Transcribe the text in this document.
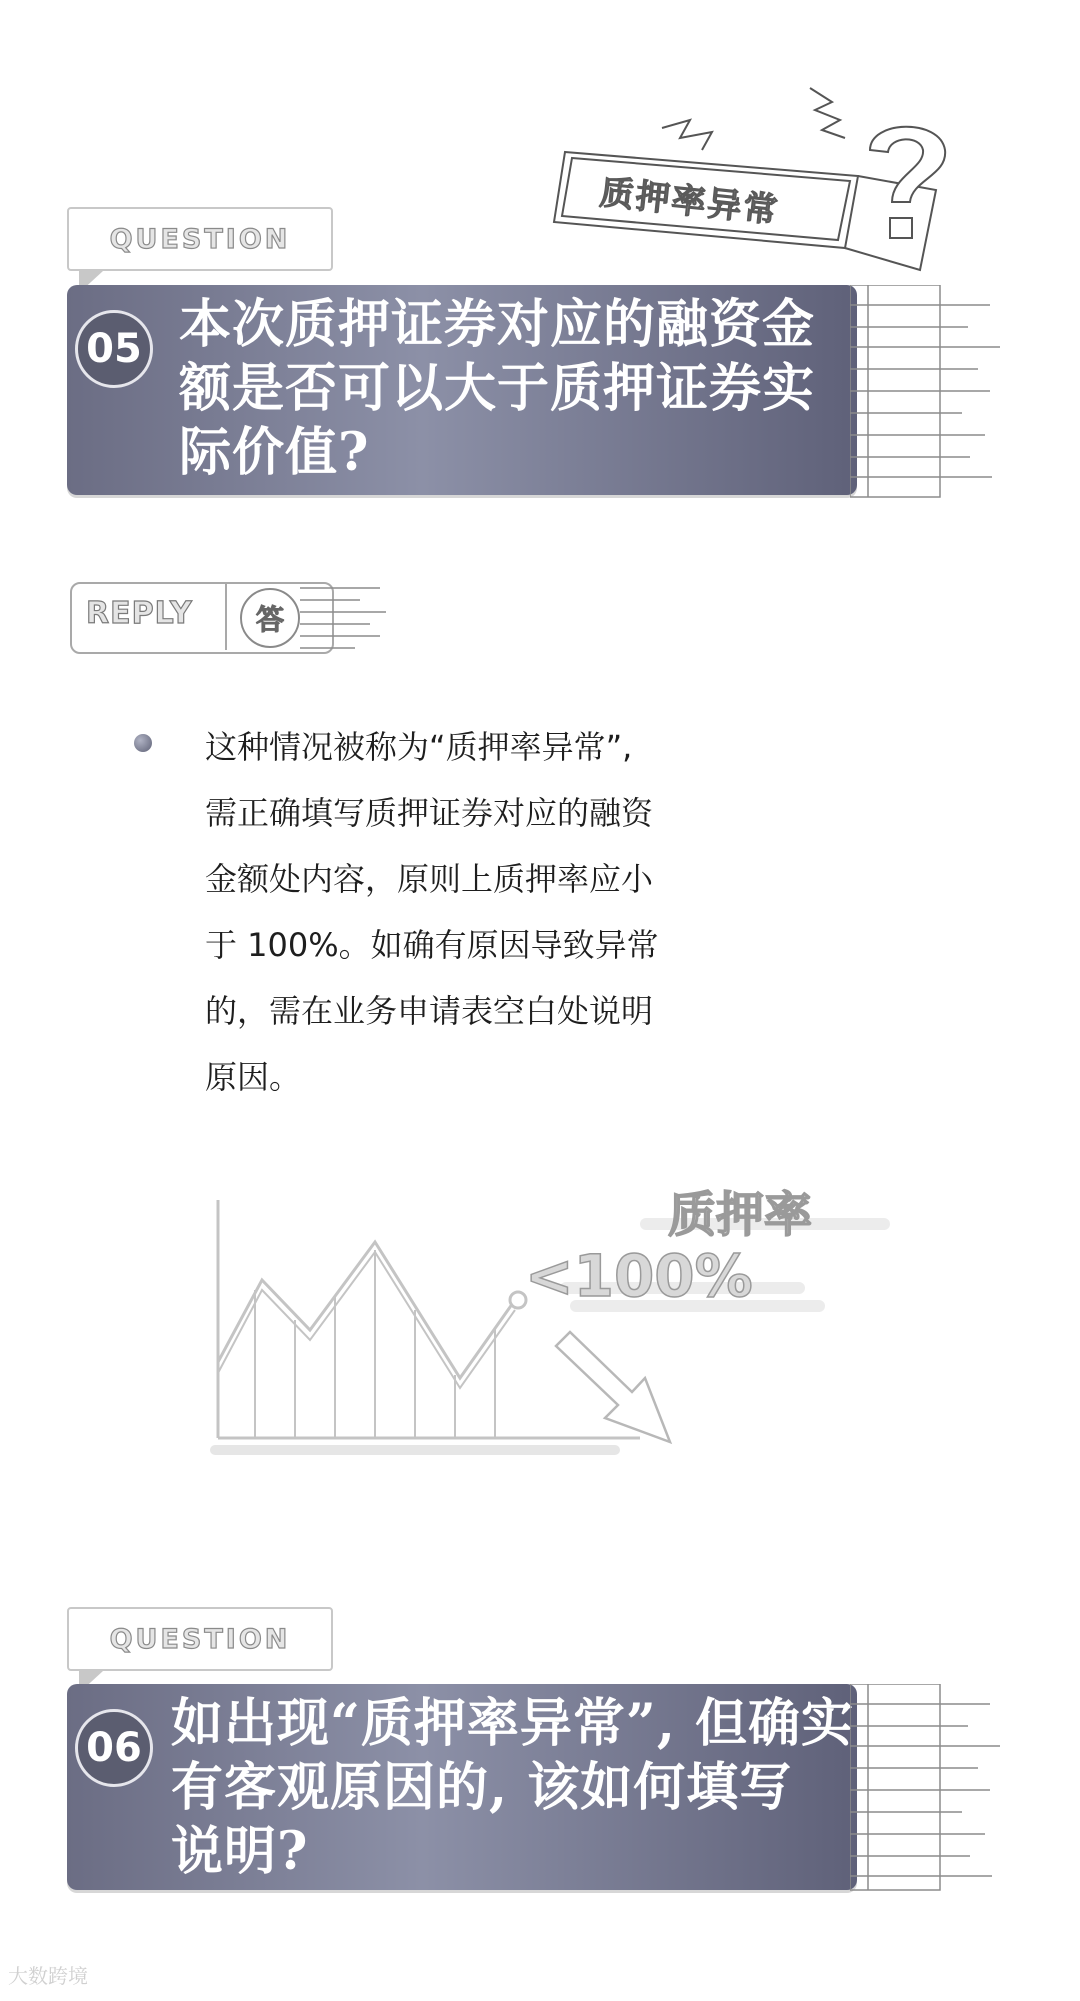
质押率异常
QUESTION
05 本次质押证券对应的融资金
额是否可以大于质押证券实
际价值?
REPLY	答
这种情况被称为“质押率异常”,
需正确填写质押证券对应的融资
金额处内容，原则上质押率应小
于 100%。如确有原因导致异常
的，需在业务申请表空白处说明
原因。
质押率
<100%
QUESTION
06 如出现“质押率异常”, 但确实
有客观原因的, 该如何填写
说明?
大数跨境
